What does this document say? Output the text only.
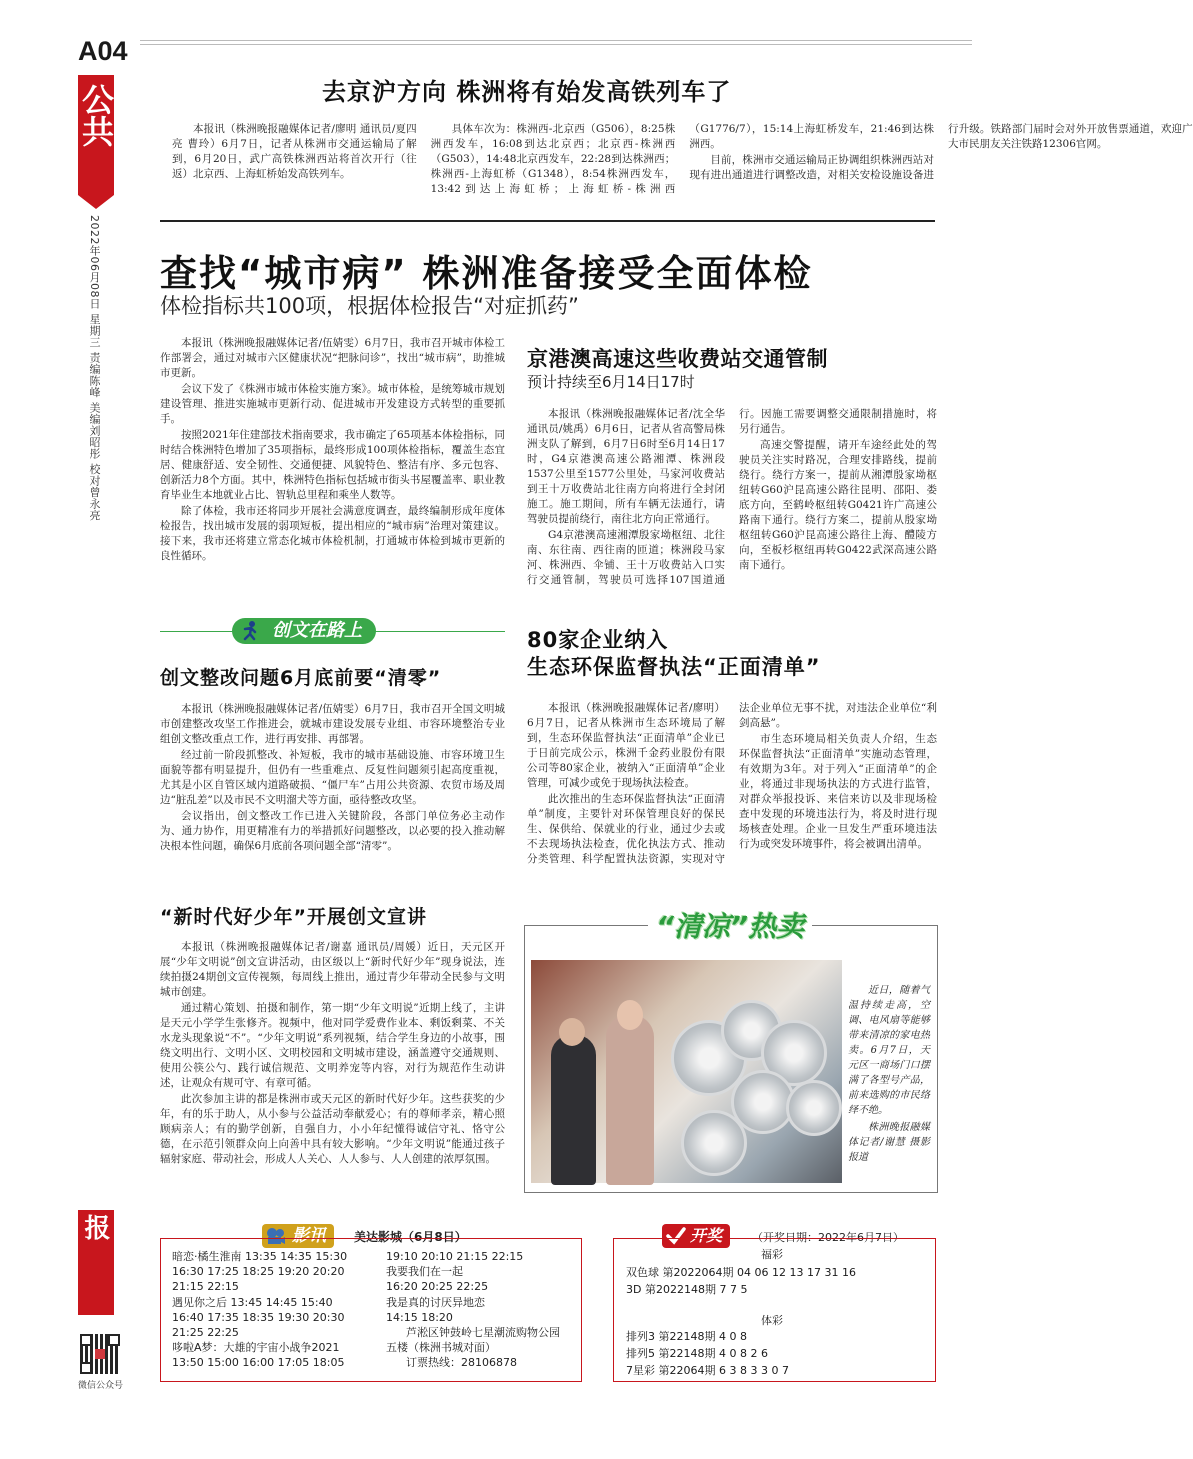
A04
公共
2022年06月08日 星期三 责编陈峰 美编刘昭彤 校对曾永亮
株洲晚报
微信公众号
去京沪方向 株洲将有始发高铁列车了

本报讯（株洲晚报融媒体记者/廖明 通讯员/夏四亮 曹玲）6月7日，记者从株洲市交通运输局了解到，6月20日，武广高铁株洲西站将首次开行（往返）北京西、上海虹桥始发高铁列车。

具体车次为：株洲西-北京西（G506），8:25株洲西发车，16:08到达北京西；北京西-株洲西（G503），14:48北京西发车，22:28到达株洲西；株洲西-上海虹桥（G1348），8:54株洲西发车，13:42到达上海虹桥；上海虹桥-株洲西（G1776/7），15:14上海虹桥发车，21:46到达株洲西。

目前，株洲市交通运输局正协调组织株洲西站对现有进出通道进行调整改造，对相关安检设施设备进行升级。铁路部门届时会对外开放售票通道，欢迎广大市民朋友关注铁路12306官网。

查找“城市病” 株洲准备接受全面体检
体检指标共100项，根据体检报告“对症抓药”

本报讯（株洲晚报融媒体记者/伍婧雯）6月7日，我市召开城市体检工作部署会，通过对城市六区健康状况“把脉问诊”，找出“城市病”，助推城市更新。

会议下发了《株洲市城市体检实施方案》。城市体检，是统筹城市规划建设管理、推进实施城市更新行动、促进城市开发建设方式转型的重要抓手。

按照2021年住建部技术指南要求，我市确定了65项基本体检指标，同时结合株洲特色增加了35项指标，最终形成100项体检指标，覆盖生态宜居、健康舒适、安全韧性、交通便捷、风貌特色、整洁有序、多元包容、创新活力8个方面。其中，株洲特色指标包括城市街头书屋覆盖率、职业教育毕业生本地就业占比、智轨总里程和乘坐人数等。

除了体检，我市还将同步开展社会满意度调查，最终编制形成年度体检报告，找出城市发展的弱项短板，提出相应的“城市病”治理对策建议。接下来，我市还将建立常态化城市体检机制，打通城市体检到城市更新的良性循环。

京港澳高速这些收费站交通管制
预计持续至6月14日17时

本报讯（株洲晚报融媒体记者/沈全华 通讯员/姚禹）6月6日，记者从省高警局株洲支队了解到，6月7日6时至6月14日17时，G4京港澳高速公路湘潭、株洲段1537公里至1577公里处，马家河收费站到王十万收费站北往南方向将进行全封闭施工。施工期间，所有车辆无法通行，请驾驶员提前绕行，南往北方向正常通行。

G4京港澳高速湘潭殷家坳枢纽、北往南、东往南、西往南的匝道；株洲段马家河、株洲西、伞铺、王十万收费站入口实行交通管制，驾驶员可选择107国道通行。因施工需要调整交通限制措施时，将另行通告。

高速交警提醒，请开车途经此处的驾驶员关注实时路况，合理安排路线，提前绕行。绕行方案一，提前从湘潭殷家坳枢纽转G60沪昆高速公路往昆明、邵阳、娄底方向，至鹤岭枢纽转G0421许广高速公路南下通行。绕行方案二，提前从殷家坳枢纽转G60沪昆高速公路往上海、醴陵方向，至板杉枢纽再转G0422武深高速公路南下通行。

创文在路上
创文整改问题6月底前要“清零”

本报讯（株洲晚报融媒体记者/伍婧雯）6月7日，我市召开全国文明城市创建整改攻坚工作推进会，就城市建设发展专业组、市容环境整治专业组创文整改重点工作，进行再安排、再部署。

经过前一阶段抓整改、补短板，我市的城市基础设施、市容环境卫生面貌等都有明显提升，但仍有一些重难点、反复性问题须引起高度重视，尤其是小区自管区域内道路破损、“僵尸车”占用公共资源、农贸市场及周边“脏乱差”以及市民不文明溜犬等方面，亟待整改攻坚。

会议指出，创文整改工作已进入关键阶段，各部门单位务必主动作为、通力协作，用更精准有力的举措抓好问题整改，以必要的投入推动解决根本性问题，确保6月底前各项问题全部“清零”。

80家企业纳入
生态环保监督执法“正面清单”

本报讯（株洲晚报融媒体记者/廖明）6月7日，记者从株洲市生态环境局了解到，生态环保监督执法“正面清单”企业已于日前完成公示，株洲千金药业股份有限公司等80家企业，被纳入“正面清单”企业管理，可减少或免于现场执法检查。

此次推出的生态环保监督执法“正面清单”制度，主要针对环保管理良好的保民生、保供给、保就业的行业，通过少去或不去现场执法检查，优化执法方式、推动分类管理、科学配置执法资源，实现对守法企业单位无事不扰，对违法企业单位“利剑高悬”。

市生态环境局相关负责人介绍，生态环保监督执法“正面清单”实施动态管理，有效期为3年。对于列入“正面清单”的企业，将通过非现场执法的方式进行监管，对群众举报投诉、来信来访以及非现场检查中发现的环境违法行为，将及时进行现场核查处理。企业一旦发生严重环境违法行为或突发环境事件，将会被调出清单。

“新时代好少年”开展创文宣讲

本报讯（株洲晚报融媒体记者/谢嘉 通讯员/周媛）近日，天元区开展“少年文明说”创文宣讲活动，由区级以上“新时代好少年”现身说法，连续拍摄24期创文宣传视频，每周线上推出，通过青少年带动全民参与文明城市创建。

通过精心策划、拍摄和制作，第一期“少年文明说”近期上线了，主讲是天元小学学生张修齐。视频中，他对同学爱费作业本、剩饭剩菜、不关水龙头现象说“不”。“少年文明说”系列视频，结合学生身边的小故事，围绕文明出行、文明小区、文明校园和文明城市建设，涵盖遵守交通规则、使用公筷公勺、践行诚信规范、文明养宠等内容，对行为规范作生动讲述，让观众有规可守、有章可循。

此次参加主讲的都是株洲市或天元区的新时代好少年。这些获奖的少年，有的乐于助人，从小参与公益活动奉献爱心；有的尊师孝亲，精心照顾病亲人；有的勤学创新，自强自力，小小年纪懂得诚信守礼、恪守公德，在示范引领群众向上向善中具有较大影响。“少年文明说”能通过孩子辐射家庭、带动社会，形成人人关心、人人参与、人人创建的浓厚氛围。

“清凉”热卖
近日，随着气温持续走高，空调、电风扇等能够带来清凉的家电热卖。6月7日，天元区一商场门口摆满了各型号产品，前来选购的市民络绎不绝。
株洲晚报融媒体记者/谢慧 摄影报道
影讯	美达影城（6月8日）
暗恋·橘生淮南 13:35 14:35 15:30
16:30 17:25 18:25 19:20 20:20
21:15 22:15
遇见你之后 13:45 14:45 15:40
16:40 17:35 18:35 19:30 20:30
21:25 22:25
哆啦A梦：大雄的宇宙小战争2021
13:50 15:00 16:00 17:05 18:05
19:10 20:10 21:15 22:15
我要我们在一起
16:20 20:25 22:25
我是真的讨厌异地恋
14:15 18:20
芦淞区钟鼓岭七星潮流购物公园
五楼（株洲书城对面）
订票热线：28106878
开奖	（开奖日期：2022年6月7日）
福彩
双色球 第2022064期 04 06 12 13 17 31 16
3D 第2022148期 7 7 5
体彩
排列3 第22148期 4 0 8
排列5 第22148期 4 0 8 2 6
7星彩 第22064期 6 3 8 3 3 0 7
